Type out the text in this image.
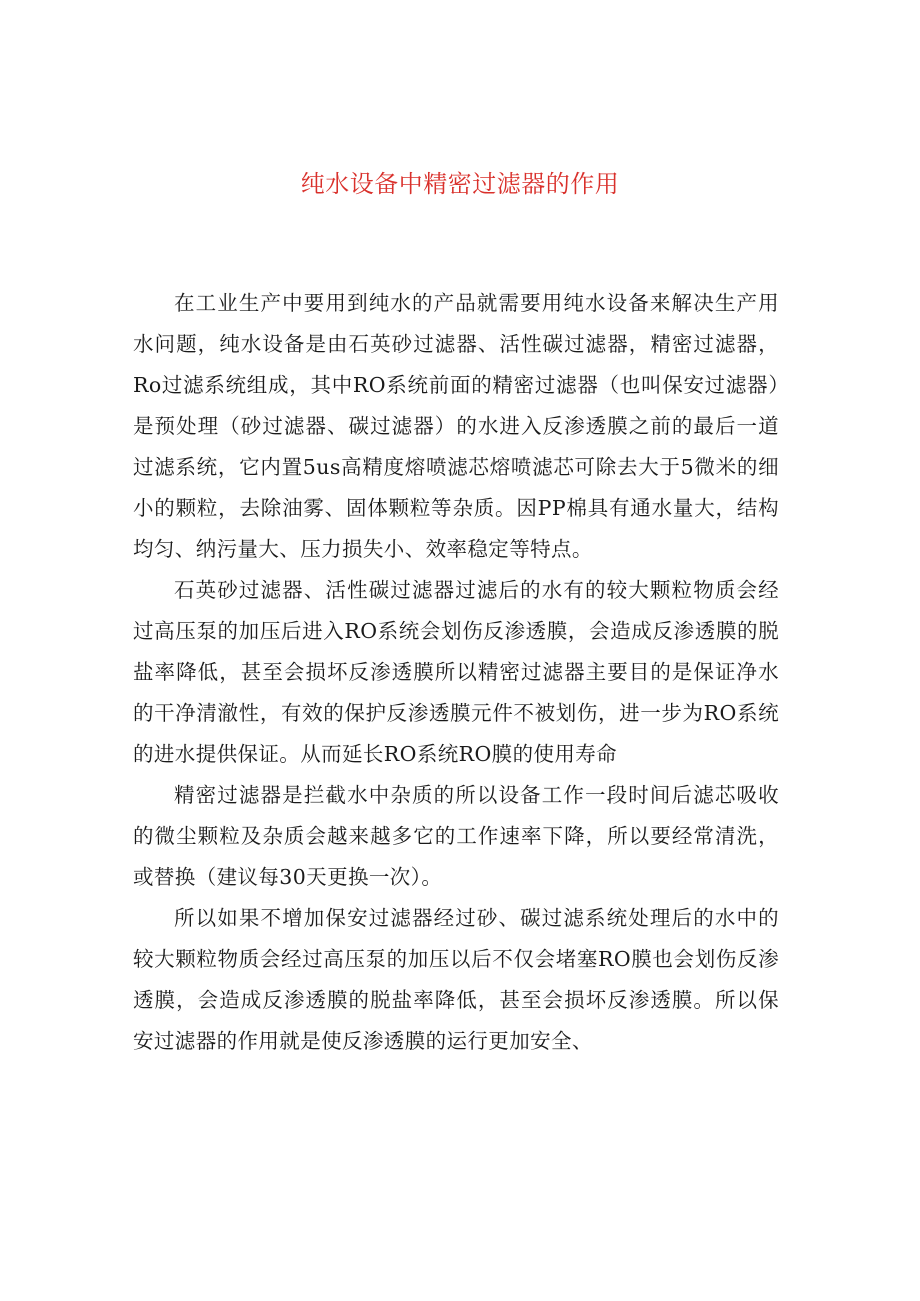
纯水设备中精密过滤器的作用

在工业生产中要用到纯水的产品就需要用纯水设备来解决生产用水问题，纯水设备是由石英砂过滤器、活性碳过滤器，精密过滤器，Ro过滤系统组成，其中RO系统前面的精密过滤器（也叫保安过滤器）是预处理（砂过滤器、碳过滤器）的水进入反渗透膜之前的最后一道过滤系统，它内置5us高精度熔喷滤芯熔喷滤芯可除去大于5微米的细小的颗粒，去除油雾、固体颗粒等杂质。因PP棉具有通水量大，结构均匀、纳污量大、压力损失小、效率稳定等特点。

石英砂过滤器、活性碳过滤器过滤后的水有的较大颗粒物质会经过高压泵的加压后进入RO系统会划伤反渗透膜，会造成反渗透膜的脱盐率降低，甚至会损坏反渗透膜所以精密过滤器主要目的是保证净水的干净清澈性，有效的保护反渗透膜元件不被划伤，进一步为RO系统的进水提供保证。从而延长RO系统RO膜的使用寿命

精密过滤器是拦截水中杂质的所以设备工作一段时间后滤芯吸收的微尘颗粒及杂质会越来越多它的工作速率下降，所以要经常清洗，或替换（建议每30天更换一次）。

所以如果不增加保安过滤器经过砂、碳过滤系统处理后的水中的较大颗粒物质会经过高压泵的加压以后不仅会堵塞RO膜也会划伤反渗透膜，会造成反渗透膜的脱盐率降低，甚至会损坏反渗透膜。所以保安过滤器的作用就是使反渗透膜的运行更加安全、
